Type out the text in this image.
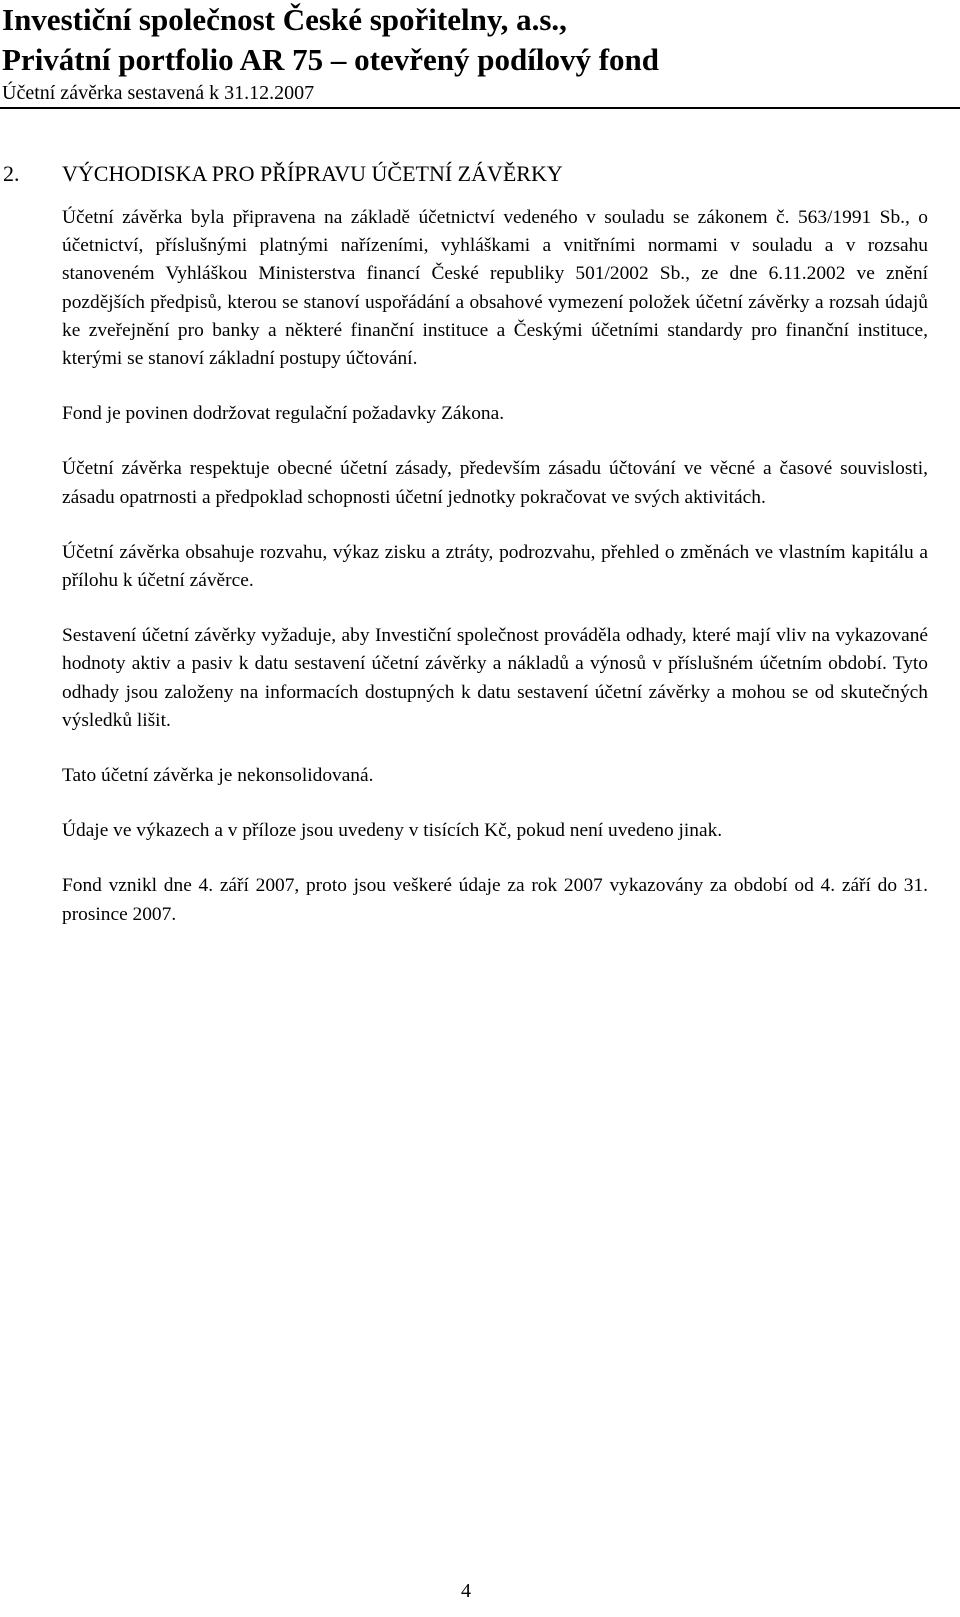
Investiční společnost České spořitelny, a.s.,
Privátní portfolio AR 75 – otevřený podílový fond
Účetní závěrka sestavená k 31.12.2007
2. VÝCHODISKA PRO PŘÍPRAVU ÚČETNÍ ZÁVĚRKY

Účetní závěrka byla připravena na základě účetnictví vedeného v souladu se zákonem č. 563/1991 Sb., o účetnictví, příslušnými platnými nařízeními, vyhláškami a vnitřními normami v souladu a v rozsahu stanoveném Vyhláškou Ministerstva financí České republiky 501/2002 Sb., ze dne 6.11.2002 ve znění pozdějších předpisů, kterou se stanoví uspořádání a obsahové vymezení položek účetní závěrky a rozsah údajů ke zveřejnění pro banky a některé finanční instituce a Českými účetními standardy pro finanční instituce, kterými se stanoví základní postupy účtování.

Fond je povinen dodržovat regulační požadavky Zákona.

Účetní závěrka respektuje obecné účetní zásady, především zásadu účtování ve věcné a časové souvislosti, zásadu opatrnosti a předpoklad schopnosti účetní jednotky pokračovat ve svých aktivitách.

Účetní závěrka obsahuje rozvahu, výkaz zisku a ztráty, podrozvahu, přehled o změnách ve vlastním kapitálu a přílohu k účetní závěrce.

Sestavení účetní závěrky vyžaduje, aby Investiční společnost prováděla odhady, které mají vliv na vykazované hodnoty aktiv a pasiv k datu sestavení účetní závěrky a nákladů a výnosů v příslušném účetním období. Tyto odhady jsou založeny na informacích dostupných k datu sestavení účetní závěrky a mohou se od skutečných výsledků lišit.

Tato účetní závěrka je nekonsolidovaná.

Údaje ve výkazech a v příloze jsou uvedeny v tisících Kč, pokud není uvedeno jinak.

Fond vznikl dne 4. září 2007, proto jsou veškeré údaje za rok 2007 vykazovány za období od 4. září do 31. prosince 2007.

4
